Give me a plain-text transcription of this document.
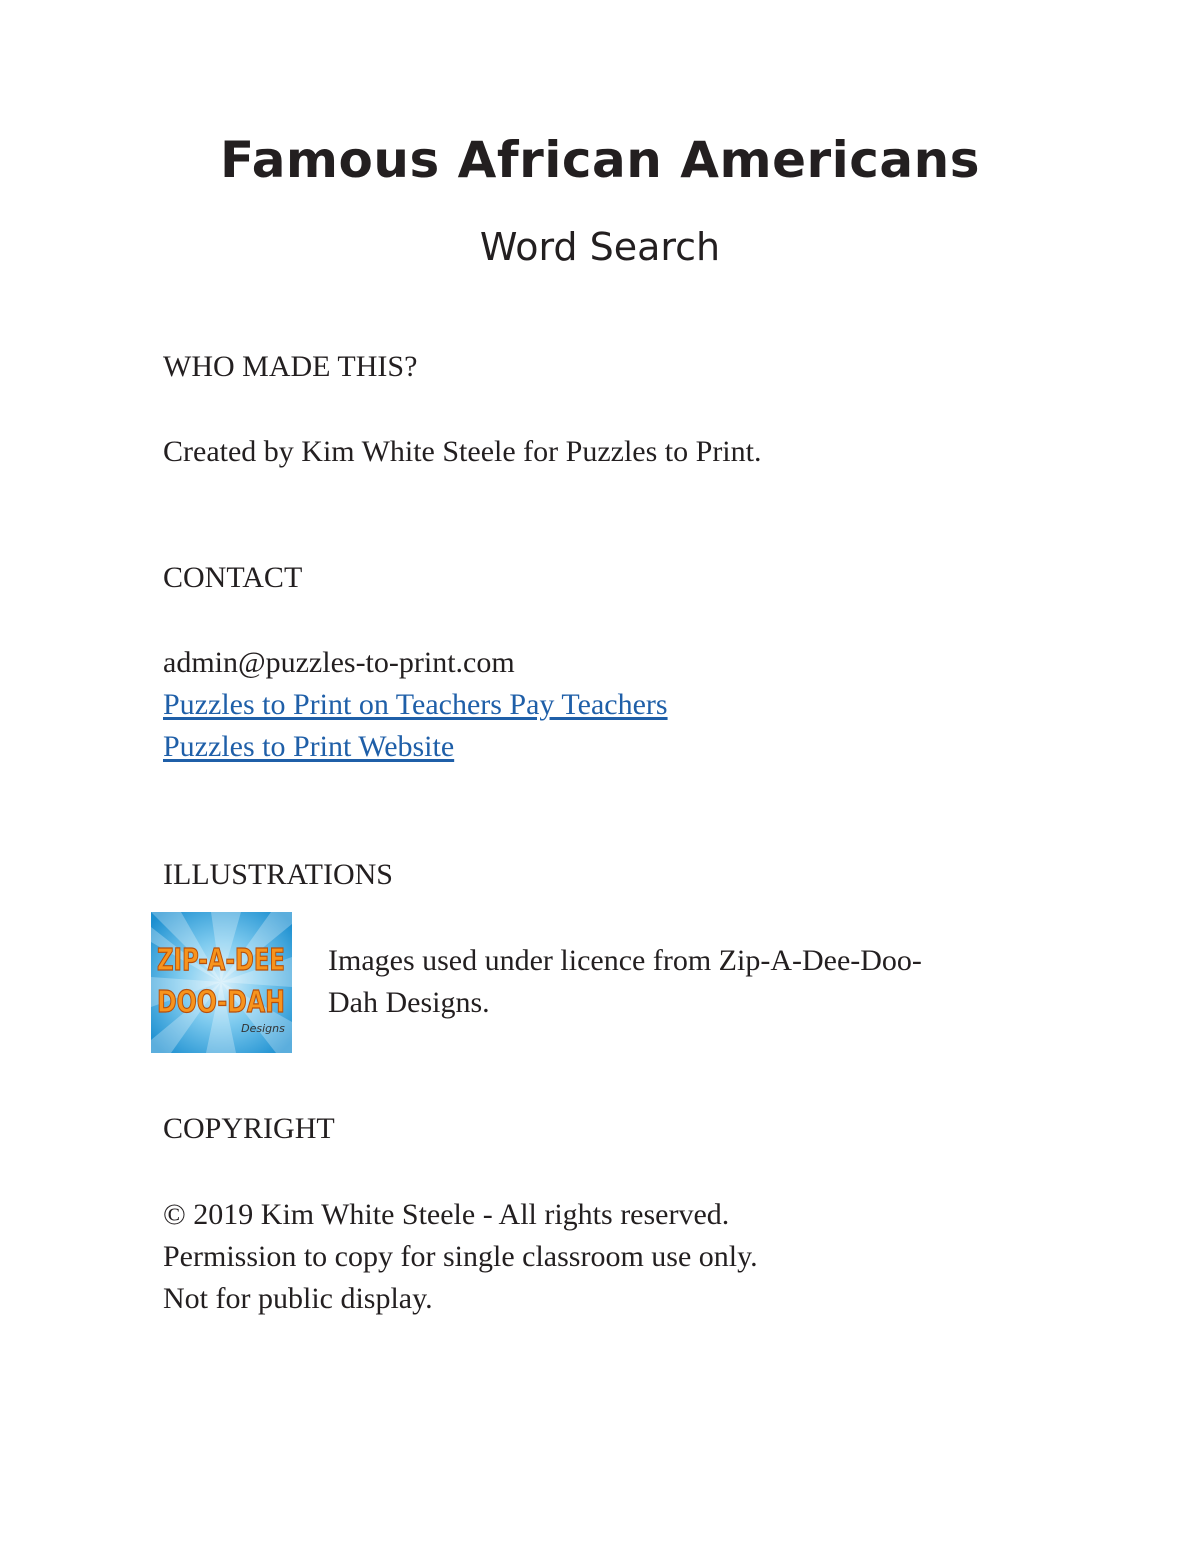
Famous African Americans
Word Search
WHO MADE THIS?
Created by Kim White Steele for Puzzles to Print.
CONTACT
admin@puzzles-to-print.com
Puzzles to Print on Teachers Pay Teachers
Puzzles to Print Website
ILLUSTRATIONS
ZIP-A-DEE
DOO-DAH
Designs
Images used under licence from Zip-A-Dee-Doo-
Dah Designs.
COPYRIGHT
© 2019 Kim White Steele - All rights reserved.
Permission to copy for single classroom use only.
Not for public display.
